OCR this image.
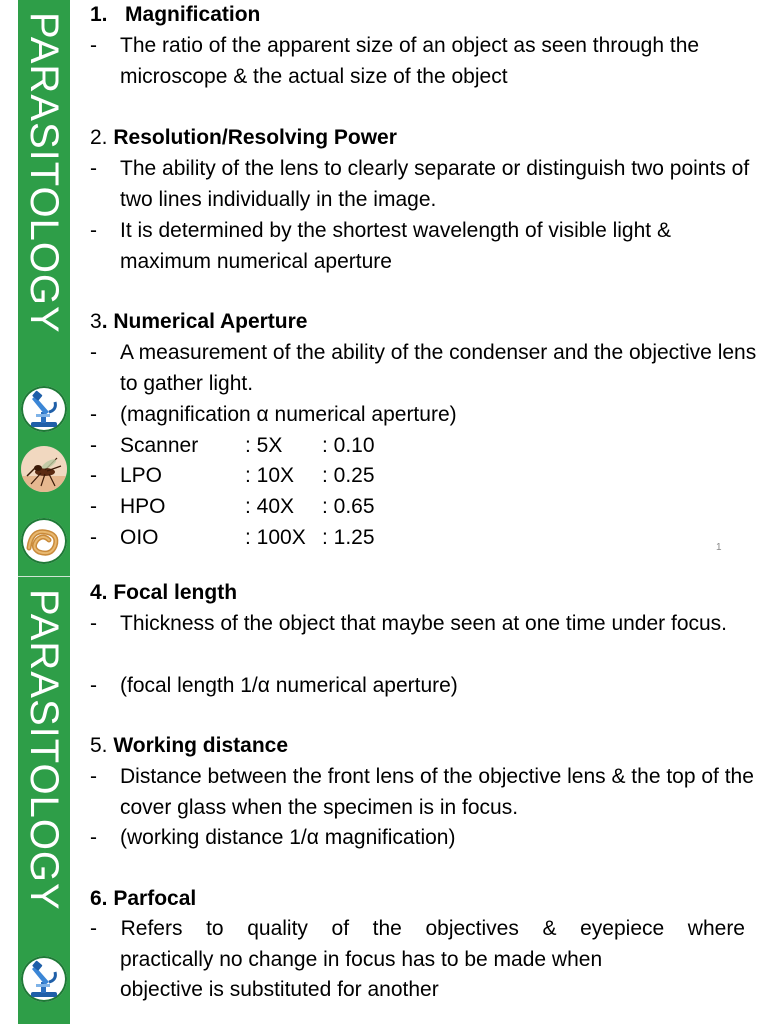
PARASITOLOGY
PARASITOLOGY
1. Magnification
- The ratio of the apparent size of an object as seen through the microscope & the actual size of the object
2. Resolution/Resolving Power
- The ability of the lens to clearly separate or distinguish two points of two lines individually in the image.
- It is determined by the shortest wavelength of visible light & maximum numerical aperture
3. Numerical Aperture
- A measurement of the ability of the condenser and the objective lens to gather light.
- (magnification α numerical aperture)
- Scanner : 5X : 0.10
- LPO	: 10X : 0.25
- HPO	: 40X : 0.65
- OIO	: 100X : 1.25
4. Focal length
- Thickness of the object that maybe seen at one time under focus.
- (focal length 1/α numerical aperture)
5. Working distance
- Distance between the front lens of the objective lens & the top of the cover glass when the specimen is in focus.
- (working distance 1/α magnification)
6. Parfocal
- Refers to quality of the objectives & eyepiece where
practically no change in focus has to be made when
objective is substituted for another
1
